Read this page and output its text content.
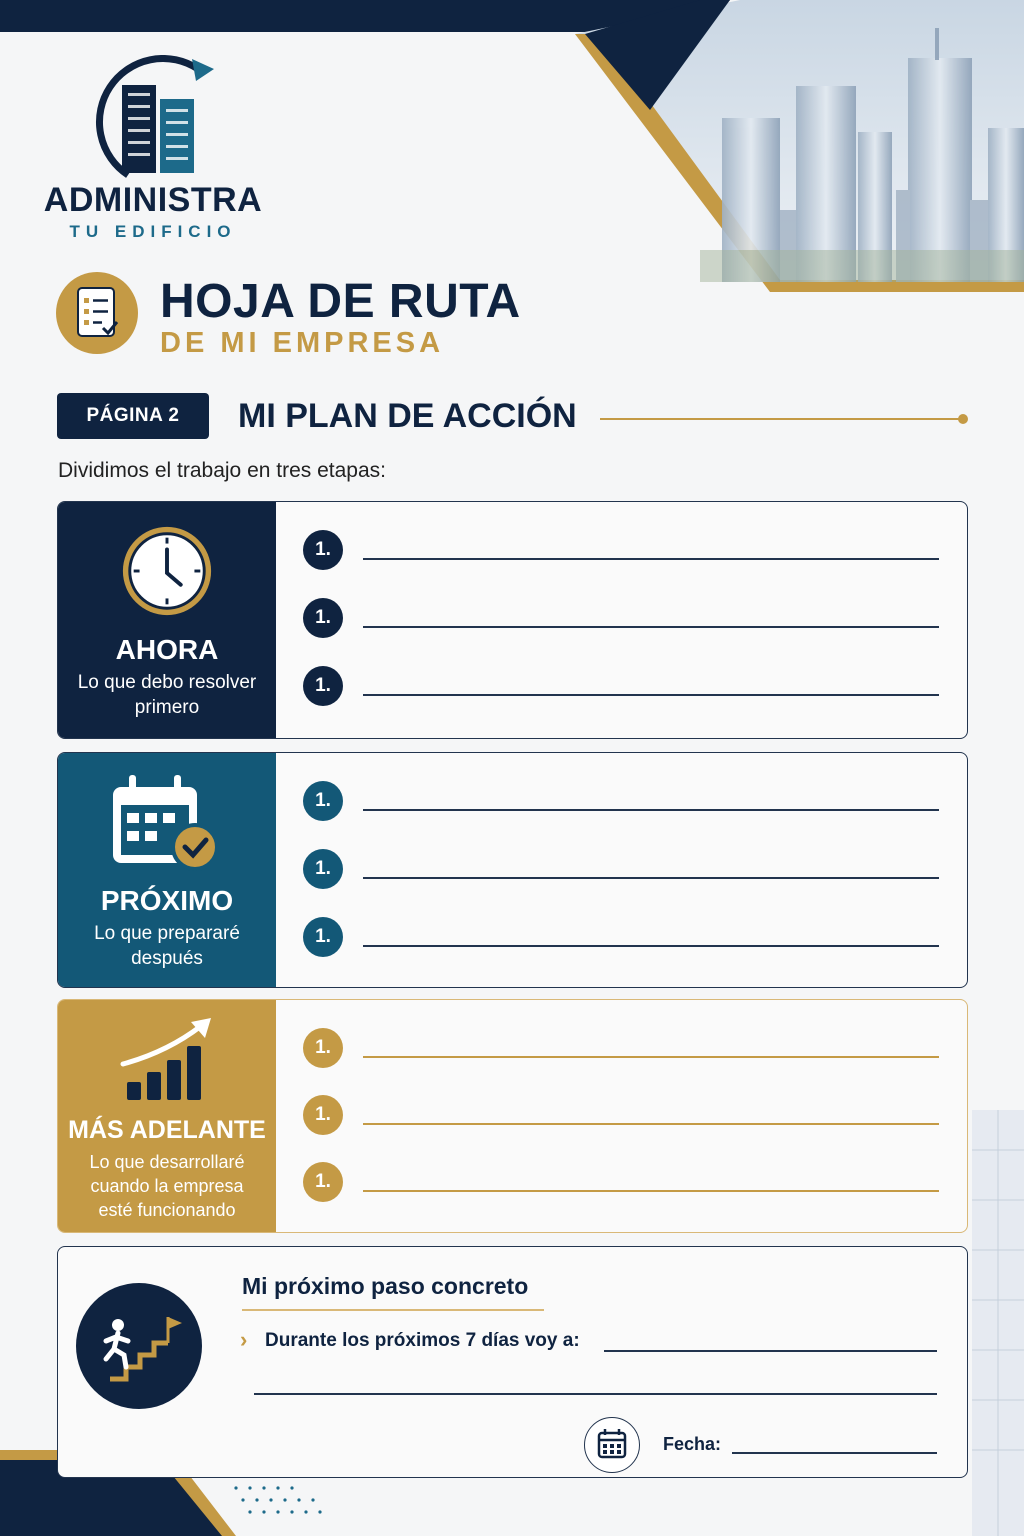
ADMINISTRA
TU EDIFICIO
HOJA DE RUTA
DE MI EMPRESA
PÁGINA 2	MI PLAN DE ACCIÓN
Dividimos el trabajo en tres etapas:
AHORA
Lo que debo resolver primero
1.
1.
1.
PRÓXIMO
Lo que prepararé después
1.
1.
1.
MÁS ADELANTE
Lo que desarrollaré cuando la empresa esté funcionando
1.
1.
1.
Mi próximo paso concreto
› Durante los próximos 7 días voy a:
Fecha:
